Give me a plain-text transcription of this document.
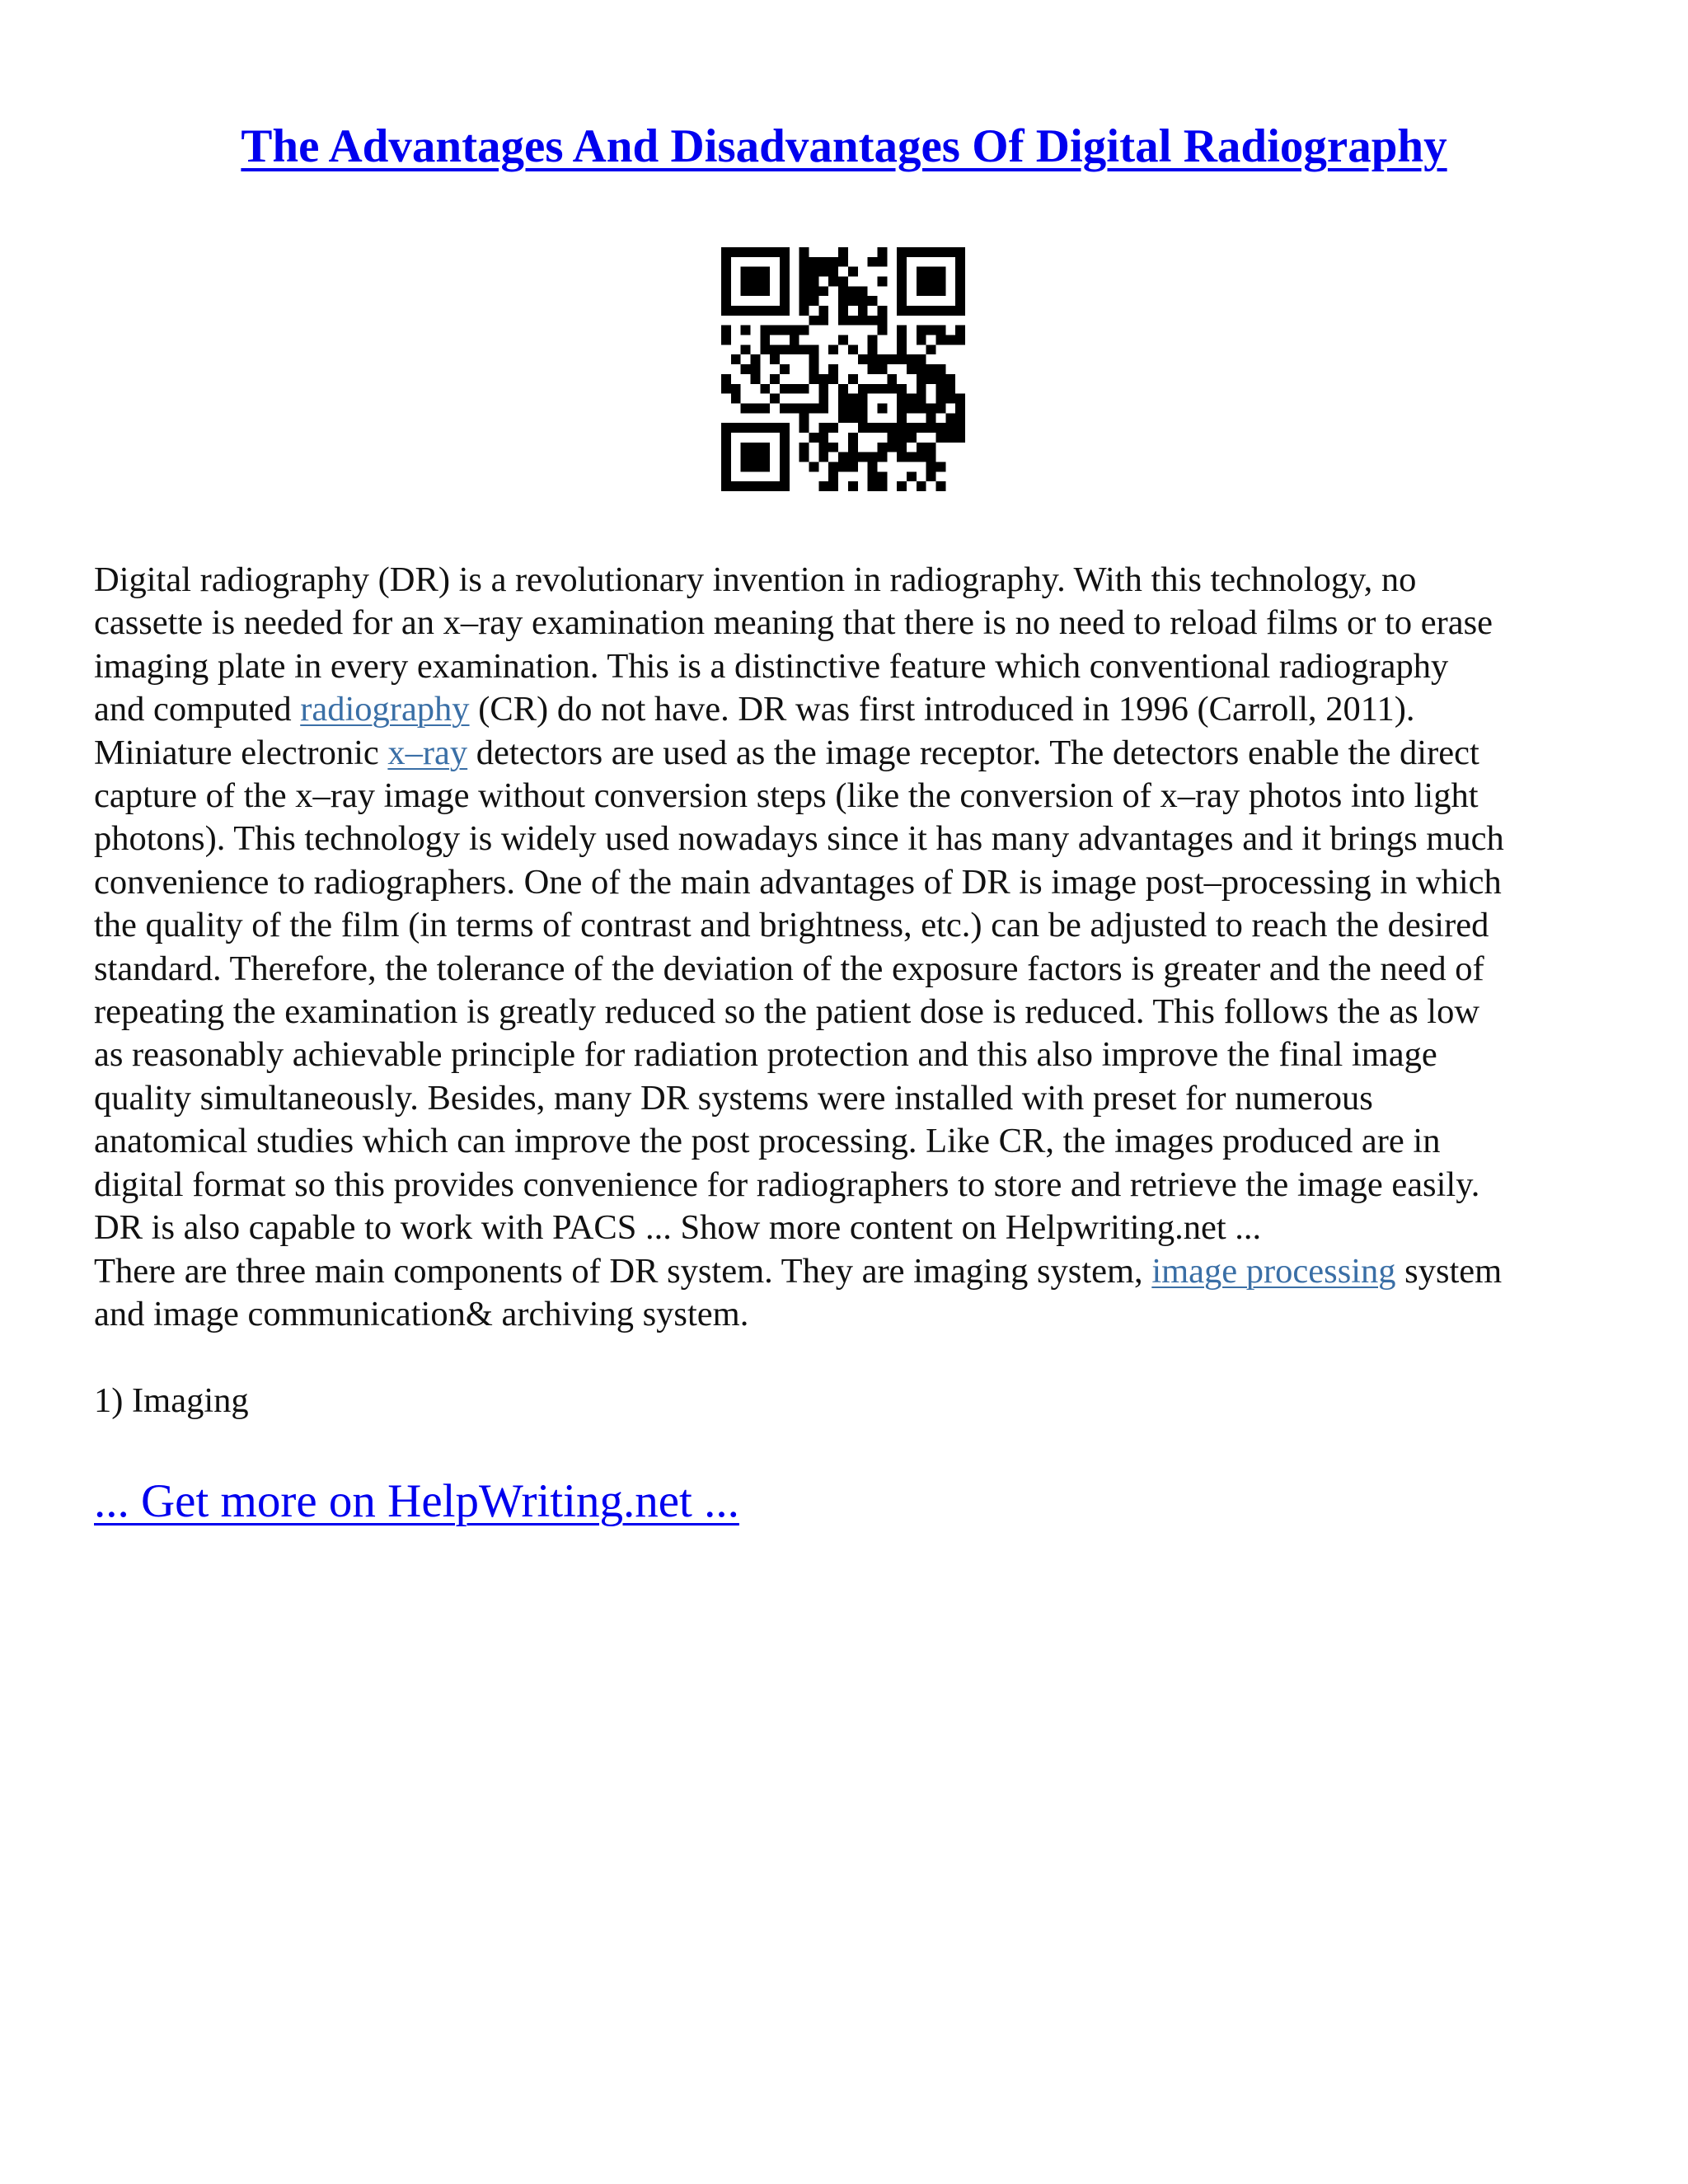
The Advantages And Disadvantages Of Digital Radiography

Digital radiography (DR) is a revolutionary invention in radiography. With this technology, no

cassette is needed for an x–ray examination meaning that there is no need to reload films or to erase

imaging plate in every examination. This is a distinctive feature which conventional radiography

and computed radiography (CR) do not have. DR was first introduced in 1996 (Carroll, 2011).

Miniature electronic x–ray detectors are used as the image receptor. The detectors enable the direct

capture of the x–ray image without conversion steps (like the conversion of x–ray photos into light

photons). This technology is widely used nowadays since it has many advantages and it brings much

convenience to radiographers. One of the main advantages of DR is image post–processing in which

the quality of the film (in terms of contrast and brightness, etc.) can be adjusted to reach the desired

standard. Therefore, the tolerance of the deviation of the exposure factors is greater and the need of

repeating the examination is greatly reduced so the patient dose is reduced. This follows the as low

as reasonably achievable principle for radiation protection and this also improve the final image

quality simultaneously. Besides, many DR systems were installed with preset for numerous

anatomical studies which can improve the post processing. Like CR, the images produced are in

digital format so this provides convenience for radiographers to store and retrieve the image easily.

DR is also capable to work with PACS ... Show more content on Helpwriting.net ...

There are three main components of DR system. They are imaging system, image processing system

and image communication& archiving system.

1) Imaging

... Get more on HelpWriting.net ...
